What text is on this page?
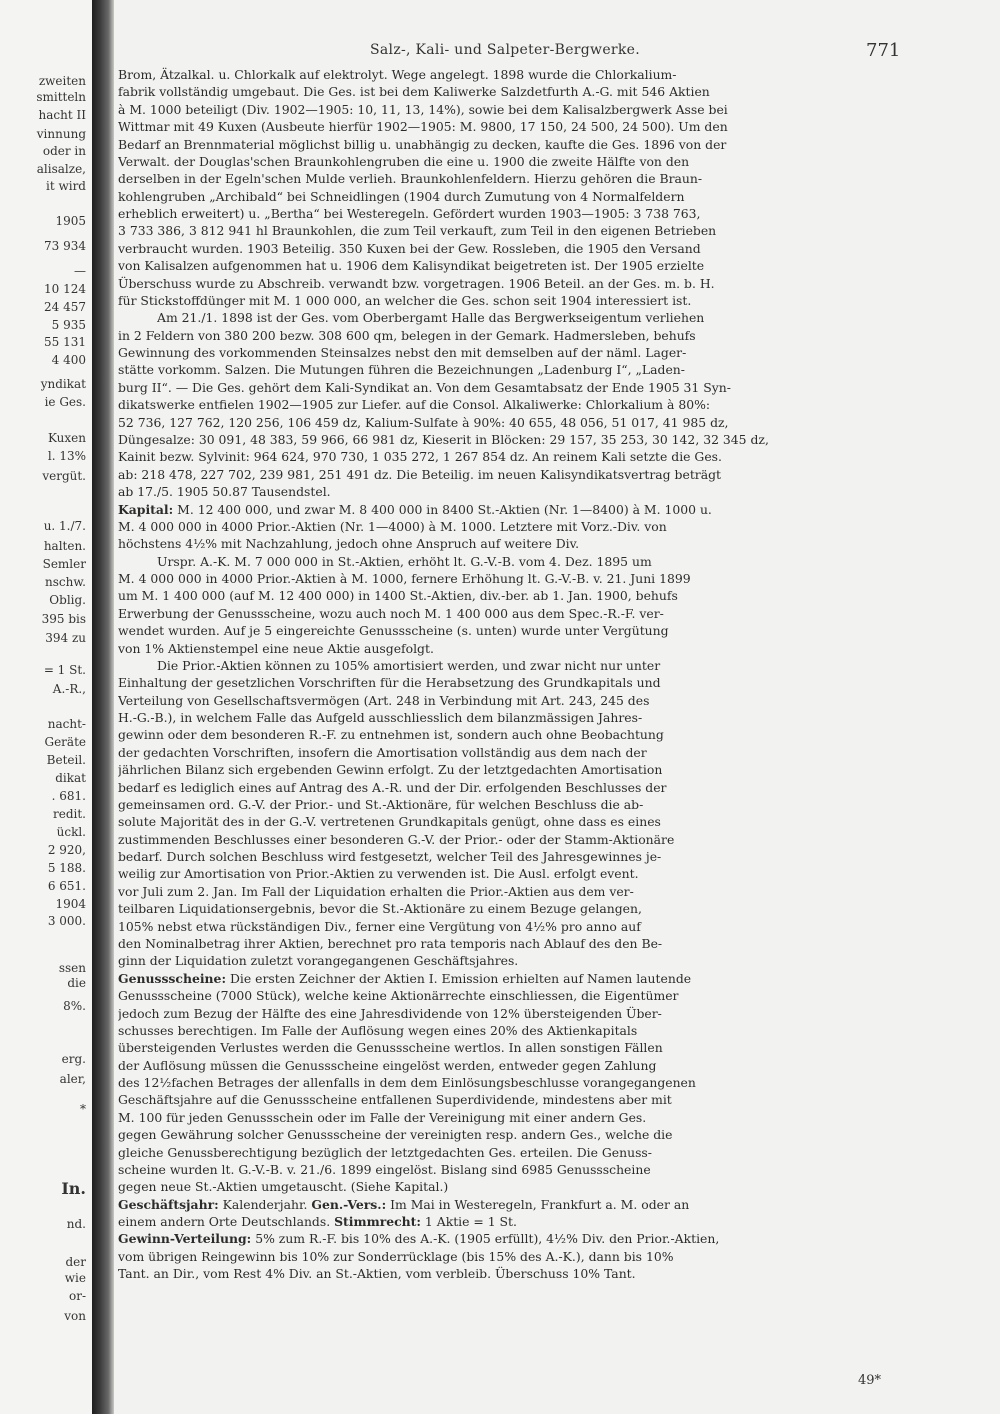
zweiten
smitteln
hacht II
vinnung
oder in
alisalze,
it wird
1905
73 934
—
10 124
24 457
5 935
55 131
4 400
yndikat
ie Ges.
Kuxen
l. 13%
vergüt.
u. 1./7.
halten.
Semler
nschw.
Oblig.
395 bis
394 zu
= 1 St.
A.-R.,
nacht-
Geräte
Beteil.
dikat
. 681.
redit.
ückl.
2 920,
5 188.
6 651.
1904
3 000.
ssen
die
8%.
erg.
aler,
*
In.
nd.
der
wie
or-
von
Salz-, Kali- und Salpeter-Bergwerke.	771
Brom, Ätzalkal. u. Chlorkalk auf elektrolyt. Wege angelegt. 1898 wurde die Chlorkalium-
fabrik vollständig umgebaut. Die Ges. ist bei dem Kaliwerke Salzdetfurth A.-G. mit 546 Aktien
à M. 1000 beteiligt (Div. 1902—1905: 10, 11, 13, 14%), sowie bei dem Kalisalzbergwerk Asse bei
Wittmar mit 49 Kuxen (Ausbeute hierfür 1902—1905: M. 9800, 17 150, 24 500, 24 500). Um den
Bedarf an Brennmaterial möglichst billig u. unabhängig zu decken, kaufte die Ges. 1896 von der
Verwalt. der Douglas'schen Braunkohlengruben die eine u. 1900 die zweite Hälfte von den
derselben in der Egeln'schen Mulde verlieh. Braunkohlenfeldern. Hierzu gehören die Braun-
kohlengruben „Archibald“ bei Schneidlingen (1904 durch Zumutung von 4 Normalfeldern
erheblich erweitert) u. „Bertha“ bei Westeregeln. Gefördert wurden 1903—1905: 3 738 763,
3 733 386, 3 812 941 hl Braunkohlen, die zum Teil verkauft, zum Teil in den eigenen Betrieben
verbraucht wurden. 1903 Beteilig. 350 Kuxen bei der Gew. Rossleben, die 1905 den Versand
von Kalisalzen aufgenommen hat u. 1906 dem Kalisyndikat beigetreten ist. Der 1905 erzielte
Überschuss wurde zu Abschreib. verwandt bzw. vorgetragen. 1906 Beteil. an der Ges. m. b. H.
für Stickstoffdünger mit M. 1 000 000, an welcher die Ges. schon seit 1904 interessiert ist.
Am 21./1. 1898 ist der Ges. vom Oberbergamt Halle das Bergwerkseigentum verliehen
in 2 Feldern von 380 200 bezw. 308 600 qm, belegen in der Gemark. Hadmersleben, behufs
Gewinnung des vorkommenden Steinsalzes nebst den mit demselben auf der näml. Lager-
stätte vorkomm. Salzen. Die Mutungen führen die Bezeichnungen „Ladenburg I“, „Laden-
burg II“. — Die Ges. gehört dem Kali-Syndikat an. Von dem Gesamtabsatz der Ende 1905 31 Syn-
dikatswerke entfielen 1902—1905 zur Liefer. auf die Consol. Alkaliwerke: Chlorkalium à 80%:
52 736, 127 762, 120 256, 106 459 dz, Kalium-Sulfate à 90%: 40 655, 48 056, 51 017, 41 985 dz,
Düngesalze: 30 091, 48 383, 59 966, 66 981 dz, Kieserit in Blöcken: 29 157, 35 253, 30 142, 32 345 dz,
Kainit bezw. Sylvinit: 964 624, 970 730, 1 035 272, 1 267 854 dz. An reinem Kali setzte die Ges.
ab: 218 478, 227 702, 239 981, 251 491 dz. Die Beteilig. im neuen Kalisyndikatsvertrag beträgt
ab 17./5. 1905 50.87 Tausendstel.
Kapital: M. 12 400 000, und zwar M. 8 400 000 in 8400 St.-Aktien (Nr. 1—8400) à M. 1000 u.
M. 4 000 000 in 4000 Prior.-Aktien (Nr. 1—4000) à M. 1000. Letztere mit Vorz.-Div. von
höchstens 4½% mit Nachzahlung, jedoch ohne Anspruch auf weitere Div.
Urspr. A.-K. M. 7 000 000 in St.-Aktien, erhöht lt. G.-V.-B. vom 4. Dez. 1895 um
M. 4 000 000 in 4000 Prior.-Aktien à M. 1000, fernere Erhöhung lt. G.-V.-B. v. 21. Juni 1899
um M. 1 400 000 (auf M. 12 400 000) in 1400 St.-Aktien, div.-ber. ab 1. Jan. 1900, behufs
Erwerbung der Genussscheine, wozu auch noch M. 1 400 000 aus dem Spec.-R.-F. ver-
wendet wurden. Auf je 5 eingereichte Genussscheine (s. unten) wurde unter Vergütung
von 1% Aktienstempel eine neue Aktie ausgefolgt.
Die Prior.-Aktien können zu 105% amortisiert werden, und zwar nicht nur unter
Einhaltung der gesetzlichen Vorschriften für die Herabsetzung des Grundkapitals und
Verteilung von Gesellschaftsvermögen (Art. 248 in Verbindung mit Art. 243, 245 des
H.-G.-B.), in welchem Falle das Aufgeld ausschliesslich dem bilanzmässigen Jahres-
gewinn oder dem besonderen R.-F. zu entnehmen ist, sondern auch ohne Beobachtung
der gedachten Vorschriften, insofern die Amortisation vollständig aus dem nach der
jährlichen Bilanz sich ergebenden Gewinn erfolgt. Zu der letztgedachten Amortisation
bedarf es lediglich eines auf Antrag des A.-R. und der Dir. erfolgenden Beschlusses der
gemeinsamen ord. G.-V. der Prior.- und St.-Aktionäre, für welchen Beschluss die ab-
solute Majorität des in der G.-V. vertretenen Grundkapitals genügt, ohne dass es eines
zustimmenden Beschlusses einer besonderen G.-V. der Prior.- oder der Stamm-Aktionäre
bedarf. Durch solchen Beschluss wird festgesetzt, welcher Teil des Jahresgewinnes je-
weilig zur Amortisation von Prior.-Aktien zu verwenden ist. Die Ausl. erfolgt event.
vor Juli zum 2. Jan. Im Fall der Liquidation erhalten die Prior.-Aktien aus dem ver-
teilbaren Liquidationsergebnis, bevor die St.-Aktionäre zu einem Bezuge gelangen,
105% nebst etwa rückständigen Div., ferner eine Vergütung von 4½% pro anno auf
den Nominalbetrag ihrer Aktien, berechnet pro rata temporis nach Ablauf des den Be-
ginn der Liquidation zuletzt vorangegangenen Geschäftsjahres.
Genussscheine: Die ersten Zeichner der Aktien I. Emission erhielten auf Namen lautende
Genussscheine (7000 Stück), welche keine Aktionärrechte einschliessen, die Eigentümer
jedoch zum Bezug der Hälfte des eine Jahresdividende von 12% übersteigenden Über-
schusses berechtigen. Im Falle der Auflösung wegen eines 20% des Aktienkapitals
übersteigenden Verlustes werden die Genussscheine wertlos. In allen sonstigen Fällen
der Auflösung müssen die Genussscheine eingelöst werden, entweder gegen Zahlung
des 12½fachen Betrages der allenfalls in dem dem Einlösungsbeschlusse vorangegangenen
Geschäftsjahre auf die Genussscheine entfallenen Superdividende, mindestens aber mit
M. 100 für jeden Genussschein oder im Falle der Vereinigung mit einer andern Ges.
gegen Gewährung solcher Genussscheine der vereinigten resp. andern Ges., welche die
gleiche Genussberechtigung bezüglich der letztgedachten Ges. erteilen. Die Genuss-
scheine wurden lt. G.-V.-B. v. 21./6. 1899 eingelöst. Bislang sind 6985 Genussscheine
gegen neue St.-Aktien umgetauscht. (Siehe Kapital.)
Geschäftsjahr: Kalenderjahr. Gen.-Vers.: Im Mai in Westeregeln, Frankfurt a. M. oder an
einem andern Orte Deutschlands. Stimmrecht: 1 Aktie = 1 St.
Gewinn-Verteilung: 5% zum R.-F. bis 10% des A.-K. (1905 erfüllt), 4½% Div. den Prior.-Aktien,
vom übrigen Reingewinn bis 10% zur Sonderrücklage (bis 15% des A.-K.), dann bis 10%
Tant. an Dir., vom Rest 4% Div. an St.-Aktien, vom verbleib. Überschuss 10% Tant.
49*
